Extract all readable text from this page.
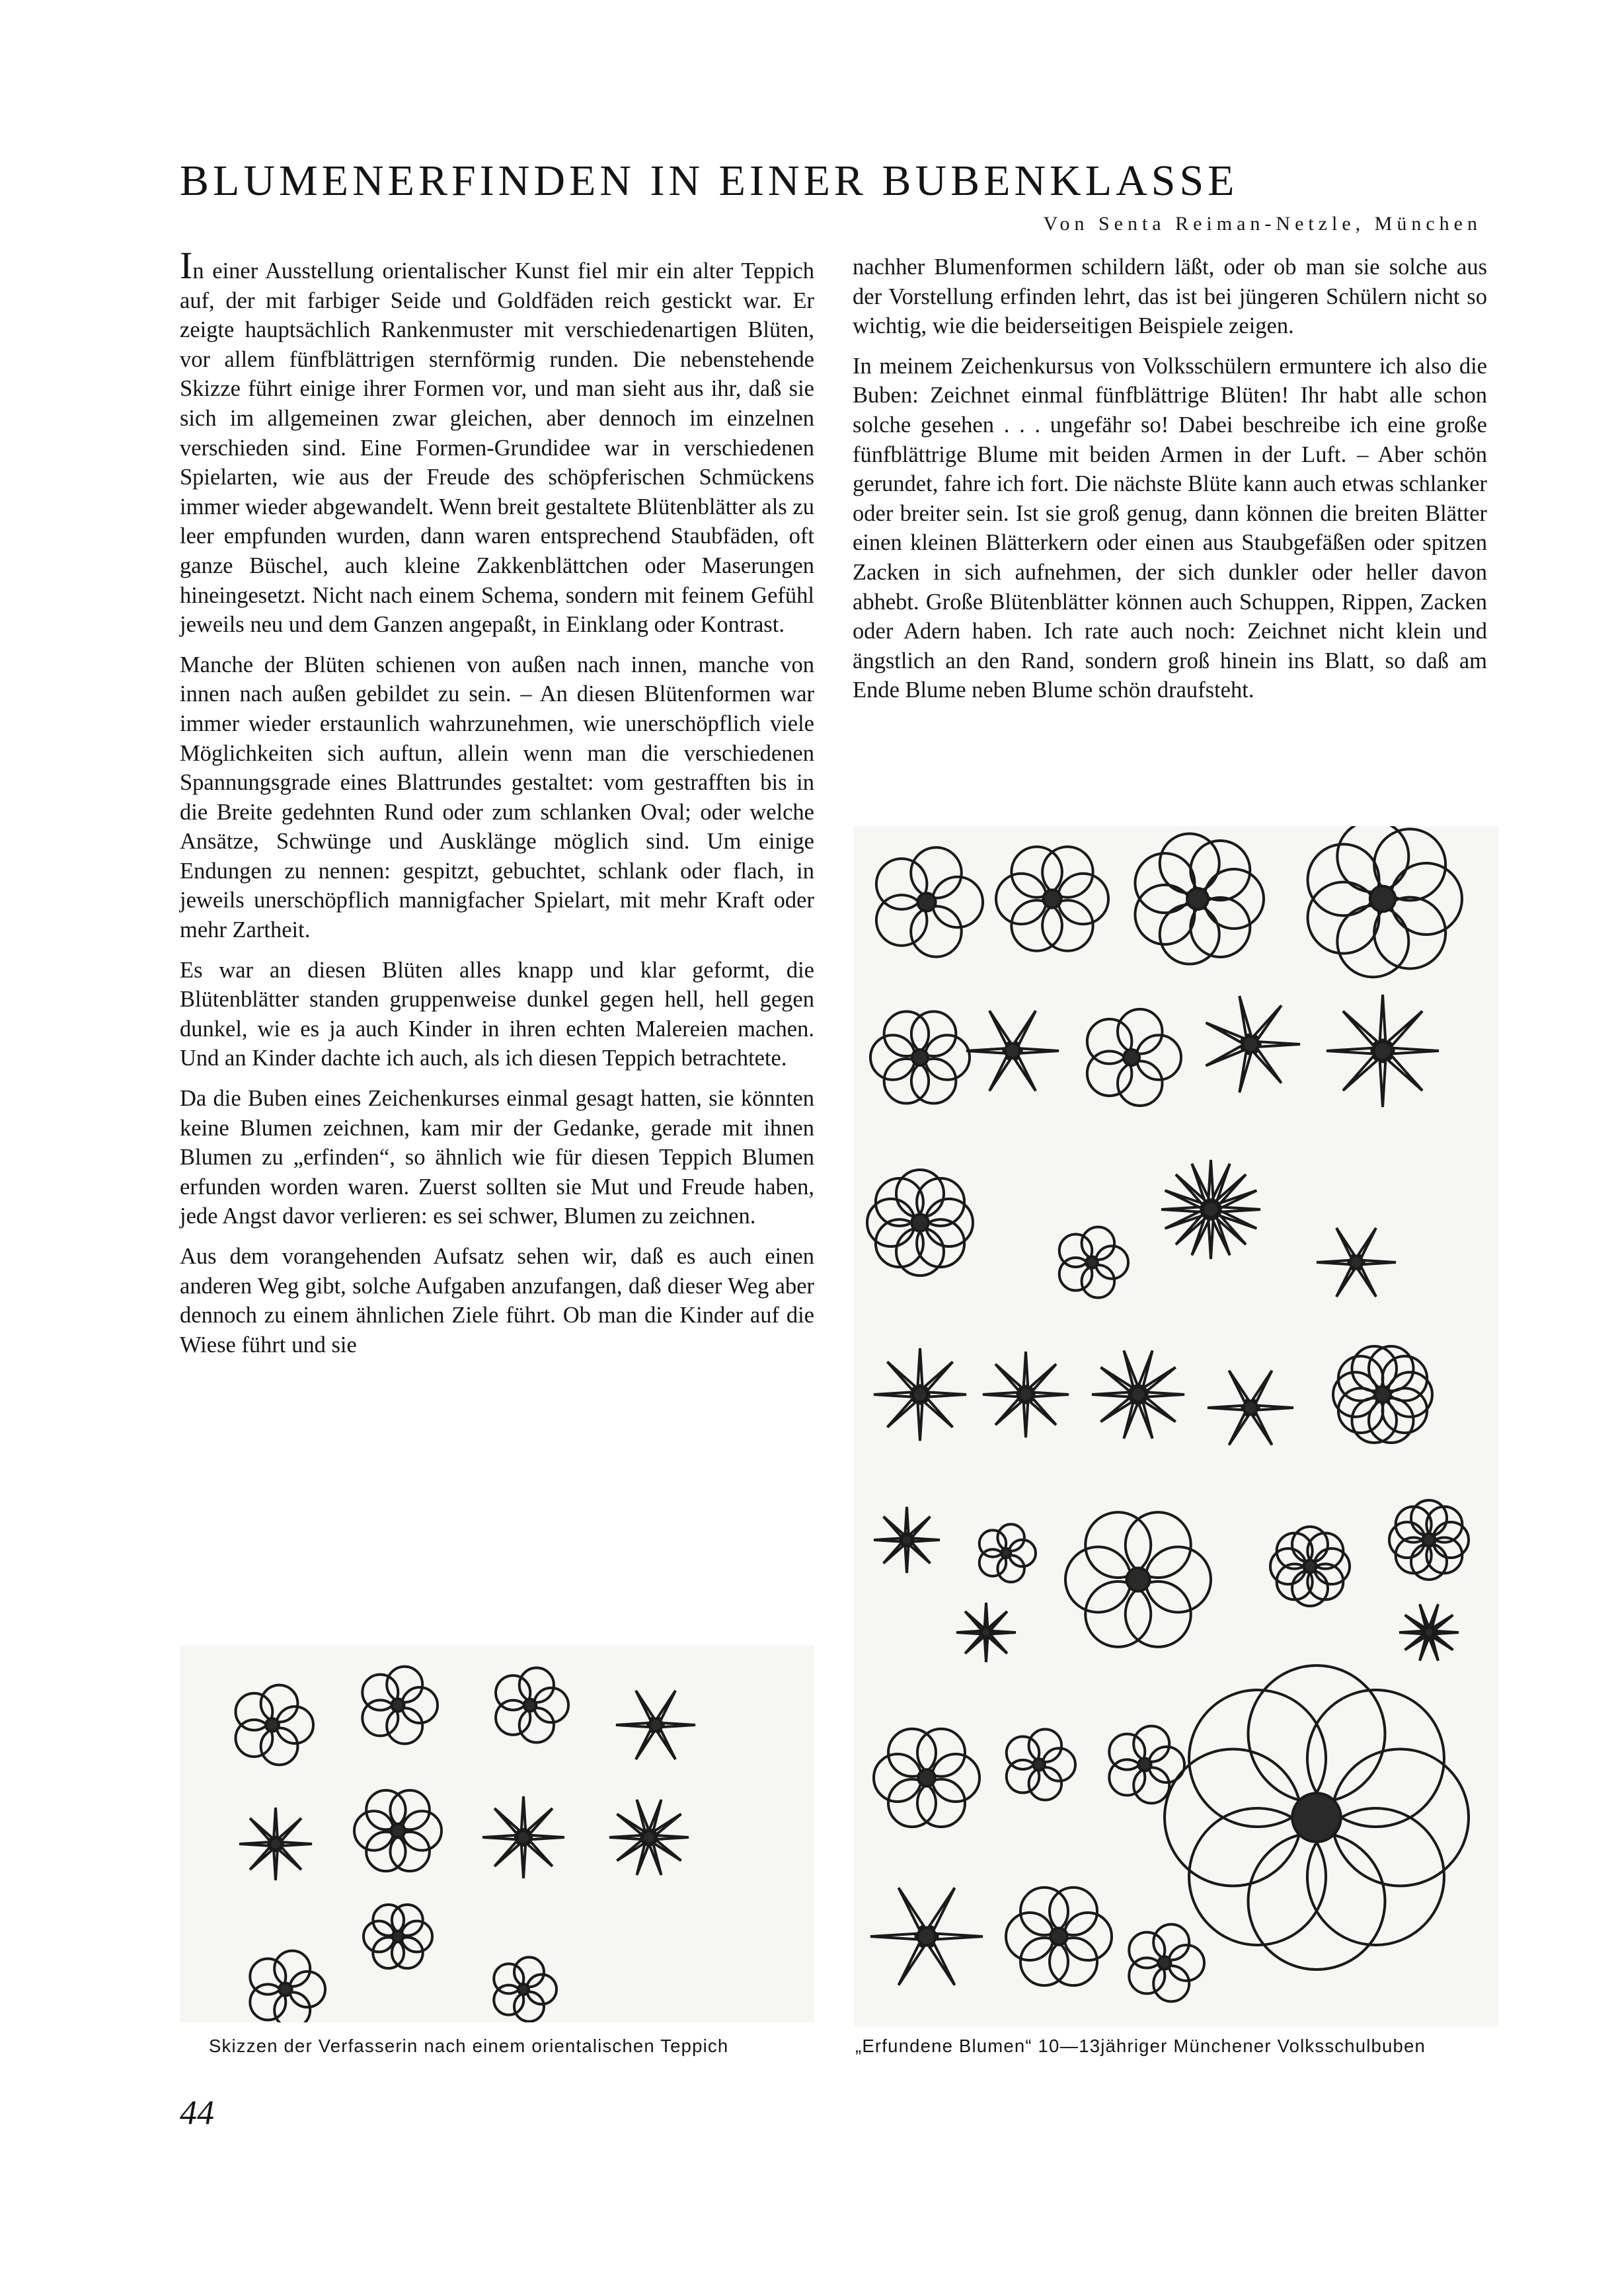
BLUMENERFINDEN IN EINER BUBENKLASSE
Von Senta Reiman-Netzle, München

In einer Ausstellung orientalischer Kunst fiel mir ein alter Teppich auf, der mit farbiger Seide und Goldfäden reich gestickt war. Er zeigte hauptsächlich Rankenmuster mit verschiedenartigen Blüten, vor allem fünfblättrigen sternförmig runden. Die nebenstehende Skizze führt einige ihrer Formen vor, und man sieht aus ihr, daß sie sich im allgemeinen zwar gleichen, aber dennoch im einzelnen verschieden sind. Eine Formen-Grundidee war in verschiedenen Spielarten, wie aus der Freude des schöpferischen Schmückens immer wieder abgewandelt. Wenn breit gestaltete Blütenblätter als zu leer empfunden wurden, dann waren entsprechend Staubfäden, oft ganze Büschel, auch kleine Zakkenblättchen oder Maserungen hineingesetzt. Nicht nach einem Schema, sondern mit feinem Gefühl jeweils neu und dem Ganzen angepaßt, in Einklang oder Kontrast.

Manche der Blüten schienen von außen nach innen, manche von innen nach außen gebildet zu sein. – An diesen Blütenformen war immer wieder erstaunlich wahrzunehmen, wie unerschöpflich viele Möglichkeiten sich auftun, allein wenn man die verschiedenen Spannungsgrade eines Blattrundes gestaltet: vom gestrafften bis in die Breite gedehnten Rund oder zum schlanken Oval; oder welche Ansätze, Schwünge und Ausklänge möglich sind. Um einige Endungen zu nennen: gespitzt, gebuchtet, schlank oder flach, in jeweils unerschöpflich mannigfacher Spielart, mit mehr Kraft oder mehr Zartheit.

Es war an diesen Blüten alles knapp und klar geformt, die Blütenblätter standen gruppenweise dunkel gegen hell, hell gegen dunkel, wie es ja auch Kinder in ihren echten Malereien machen. Und an Kinder dachte ich auch, als ich diesen Teppich betrachtete.

Da die Buben eines Zeichenkurses einmal gesagt hatten, sie könnten keine Blumen zeichnen, kam mir der Gedanke, gerade mit ihnen Blumen zu „erfinden“, so ähnlich wie für diesen Teppich Blumen erfunden worden waren. Zuerst sollten sie Mut und Freude haben, jede Angst davor verlieren: es sei schwer, Blumen zu zeichnen.

Aus dem vorangehenden Aufsatz sehen wir, daß es auch einen anderen Weg gibt, solche Aufgaben anzufangen, daß dieser Weg aber dennoch zu einem ähnlichen Ziele führt. Ob man die Kinder auf die Wiese führt und sie

nachher Blumenformen schildern läßt, oder ob man sie solche aus der Vorstellung erfinden lehrt, das ist bei jüngeren Schülern nicht so wichtig, wie die beiderseitigen Beispiele zeigen.

In meinem Zeichenkursus von Volksschülern ermuntere ich also die Buben: Zeichnet einmal fünfblättrige Blüten! Ihr habt alle schon solche gesehen . . . ungefähr so! Dabei beschreibe ich eine große fünfblättrige Blume mit beiden Armen in der Luft. – Aber schön gerundet, fahre ich fort. Die nächste Blüte kann auch etwas schlanker oder breiter sein. Ist sie groß genug, dann können die breiten Blätter einen kleinen Blätterkern oder einen aus Staubgefäßen oder spitzen Zacken in sich aufnehmen, der sich dunkler oder heller davon abhebt. Große Blütenblätter können auch Schuppen, Rippen, Zacken oder Adern haben. Ich rate auch noch: Zeichnet nicht klein und ängstlich an den Rand, sondern groß hinein ins Blatt, so daß am Ende Blume neben Blume schön draufsteht.

Skizzen der Verfasserin nach einem orientalischen Teppich	„Erfundene Blumen“ 10—13jähriger Münchener Volksschulbuben
44
